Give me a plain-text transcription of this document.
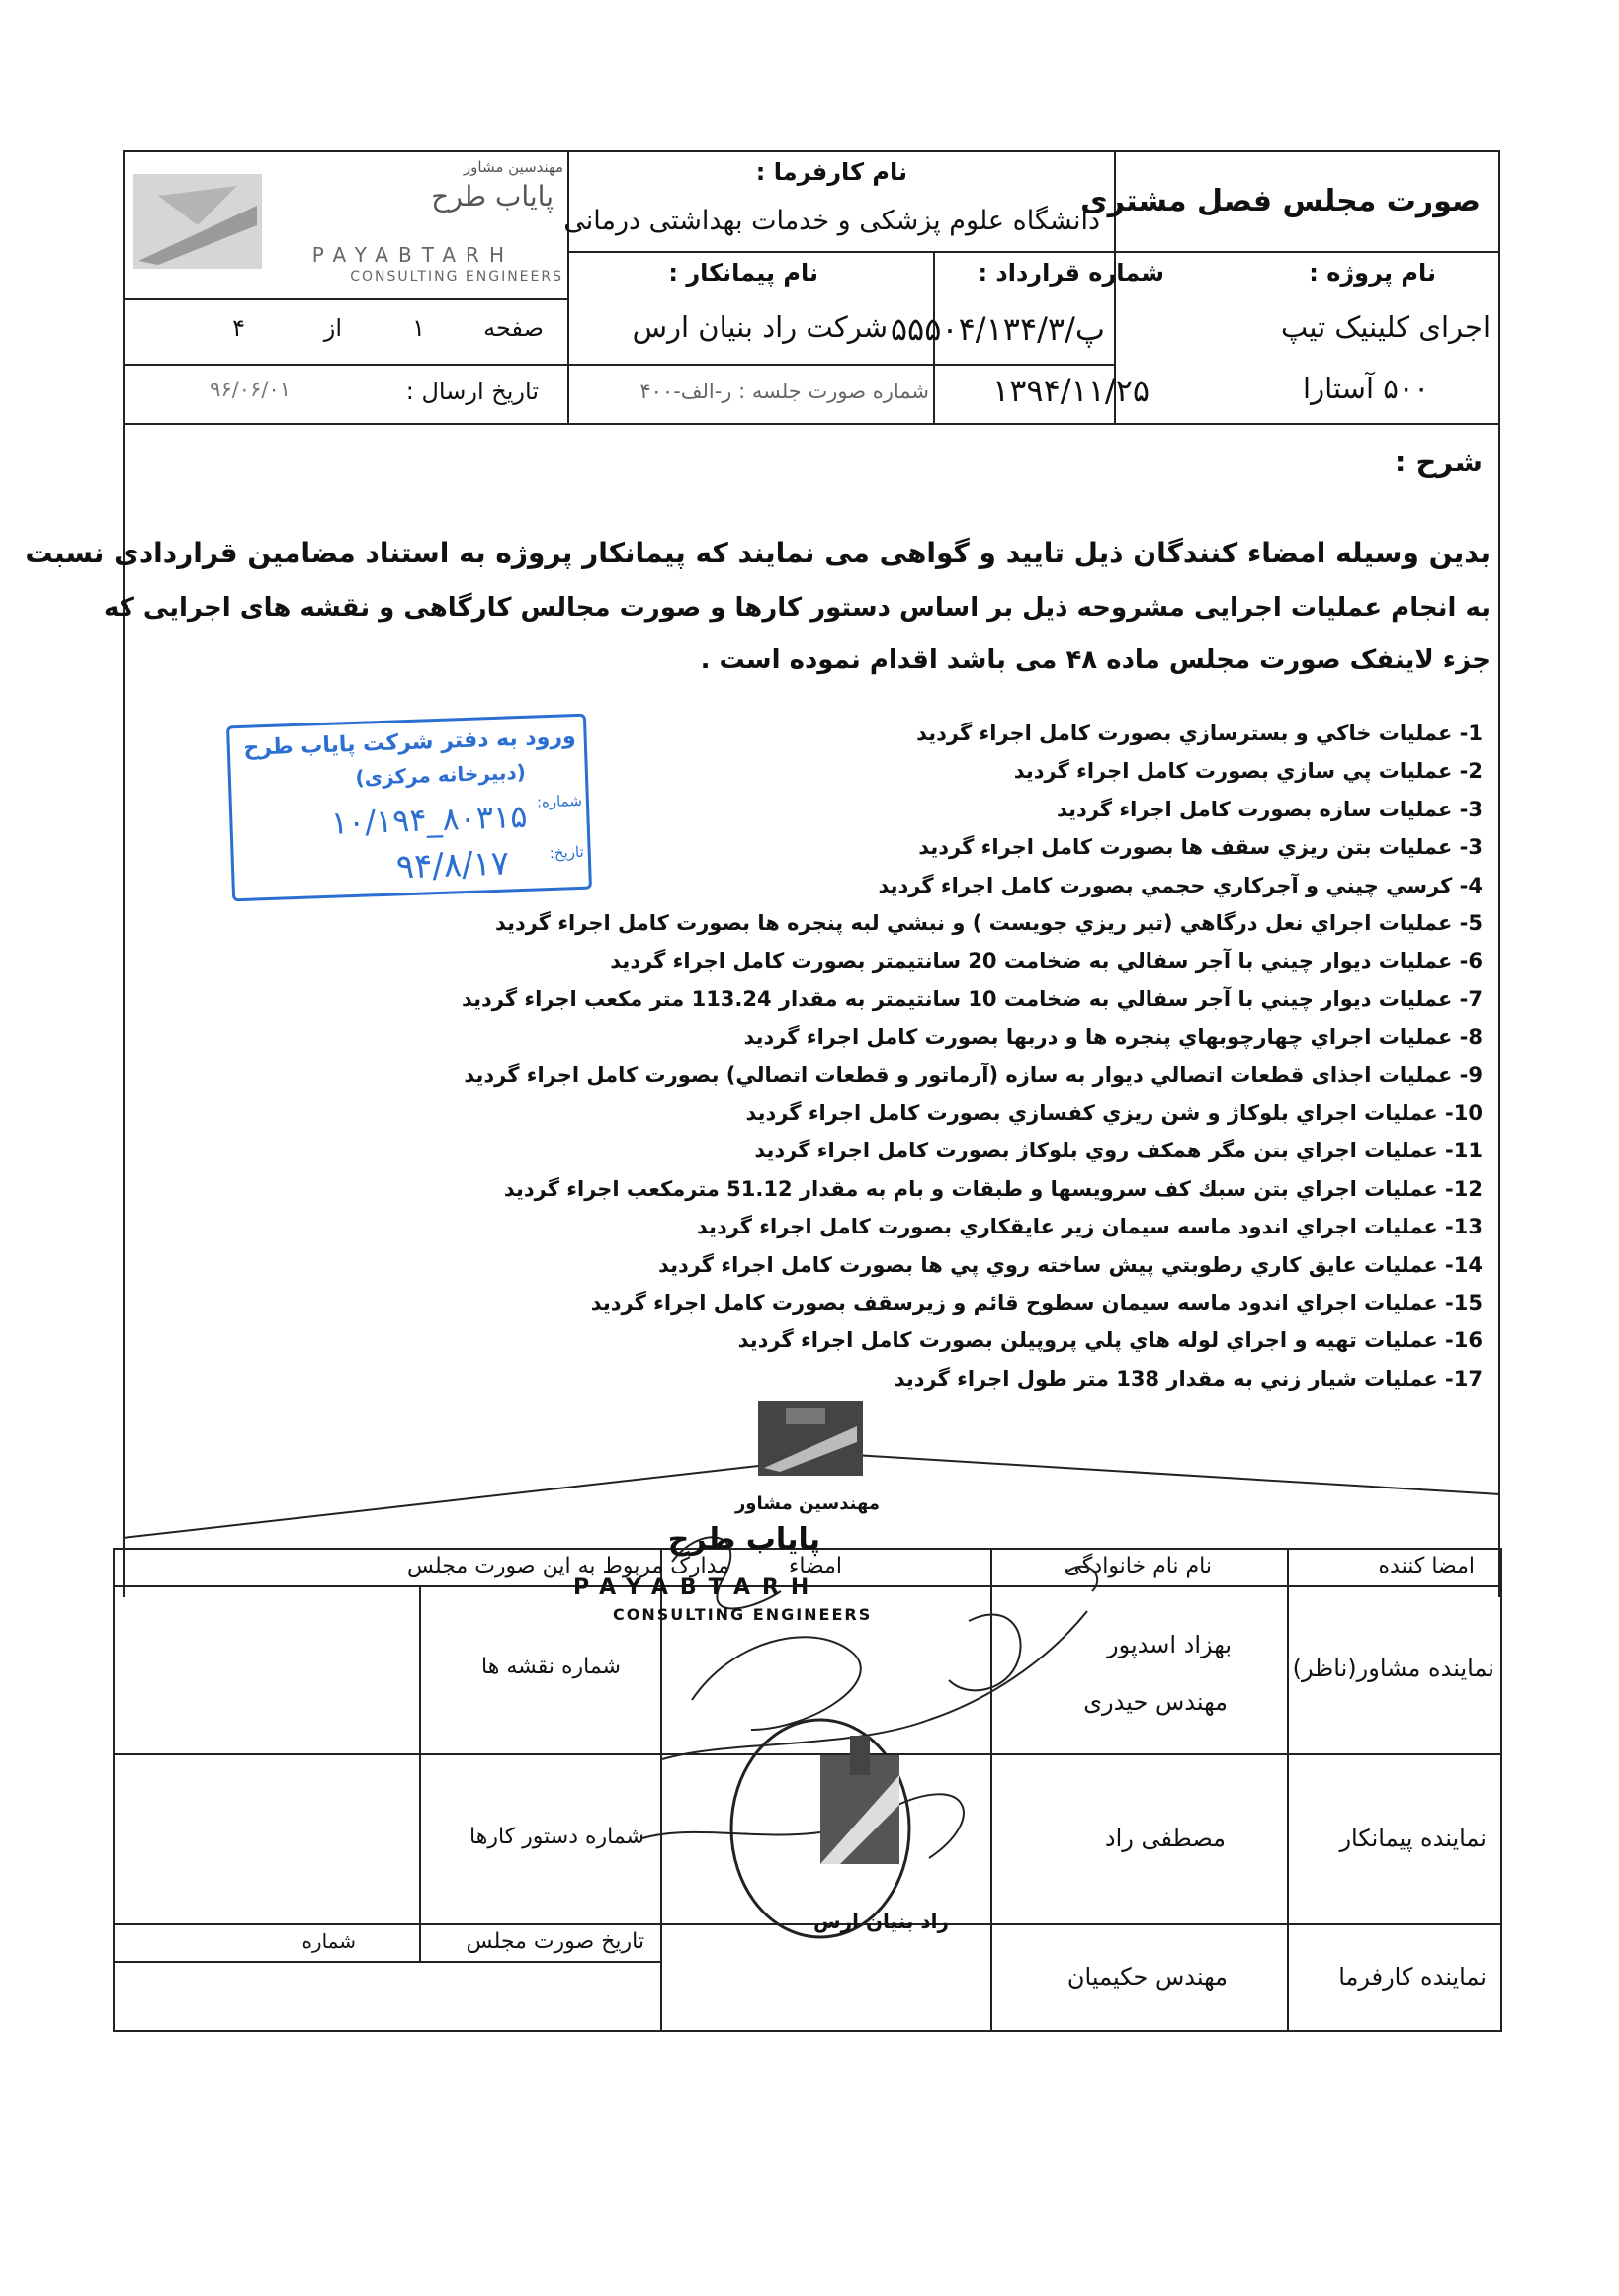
صورت مجلس فصل مشتری
نام کارفرما :
دانشگاه علوم پزشکی و خدمات بهداشتی درمانی
نام پروژه :
اجرای کلینیک تیپ
۵۰۰ آستارا
شماره قرارداد :
۵۵۵۰۴/۱۳۴/۳/پ
۱۳۹۴/۱۱/۲۵
نام پیمانکار :
شرکت راد بنیان ارس
شماره صورت جلسه : ر-الف-۴۰۰
صفحه
۱
از
۴
تاریخ ارسال :
۹۶/۰۶/۰۱
مهندسین مشاور
پایاب طرح
PAYABTARH
CONSULTING ENGINEERS
شرح :
بدین وسیله امضاء کنندگان ذیل تایید و گواهی می نمایند که پیمانکار پروژه به استناد مضامین قراردادی نسبت
به انجام عملیات اجرایی مشروحه ذیل بر اساس دستور کارها و صورت مجالس کارگاهی و نقشه های اجرایی که
جزء لاینفک صورت مجلس ماده ۴۸ می باشد اقدام نموده است .
1- عمليات خاكي و بسترسازي بصورت كامل اجراء گرديد
2- عمليات پي سازي بصورت كامل اجراء گرديد
3- عمليات سازه بصورت كامل اجراء گرديد
3- عمليات بتن ريزي سقف ها بصورت كامل اجراء گرديد
4- كرسي چيني و آجركاري حجمي بصورت كامل اجراء گرديد
5- عمليات اجراي نعل درگاهي (تير ريزي جويست ) و نبشي لبه پنجره ها بصورت كامل اجراء گرديد
6- عمليات ديوار چيني با آجر سفالي به ضخامت 20 سانتيمتر بصورت كامل اجراء گرديد
7- عمليات ديوار چيني با آجر سفالي به ضخامت 10 سانتيمتر به مقدار 113.24 متر مكعب اجراء گرديد
8- عمليات اجراي چهارچوبهاي پنجره ها و دربها بصورت كامل اجراء گرديد
9- عمليات اجذای قطعات اتصالي ديوار به سازه (آرماتور و قطعات اتصالي) بصورت كامل اجراء گرديد
10- عمليات اجراي بلوكاژ و شن ريزي كفسازي بصورت كامل اجراء گرديد
11- عمليات اجراي بتن مگر همكف روي بلوكاژ بصورت كامل اجراء گرديد
12- عمليات اجراي بتن سبك كف سرويسها و طبقات و بام به مقدار 51.12 مترمكعب اجراء گرديد
13- عمليات اجراي اندود ماسه سيمان زير عايقكاري بصورت كامل اجراء گرديد
14- عمليات عايق كاري رطوبتي پيش ساخته روي پي ها بصورت كامل اجراء گرديد
15- عمليات اجراي اندود ماسه سيمان سطوح قائم و زيرسقف بصورت كامل اجراء گرديد
16- عمليات تهيه و اجراي لوله هاي پلي پروپيلن بصورت كامل اجراء گرديد
17- عمليات شيار زني به مقدار 138 متر طول اجراء گرديد
ورود به دفتر شرکت پایاب طرح
(دبیرخانه مرکزی)
شماره:
۱۰/۱۹۴_۸۰۳۱۵
تاریخ:
۹۴/۸/۱۷
مهندسین مشاور
امضا کننده
نام نام خانوادگی
امضاء
مدارک مربوط به این صورت مجلس
نماینده مشاور(ناظر)
بهزاد اسدپور
مهندس حیدری
شماره نقشه ها
نماینده پیمانکار
مصطفی راد
شماره دستور کارها
نماینده کارفرما
مهندس حکیمیان
تاریخ صورت مجلس
شماره
راد بنیان ارس
پایاب طرح
PAYABTARH
CONSULTING ENGINEERS
